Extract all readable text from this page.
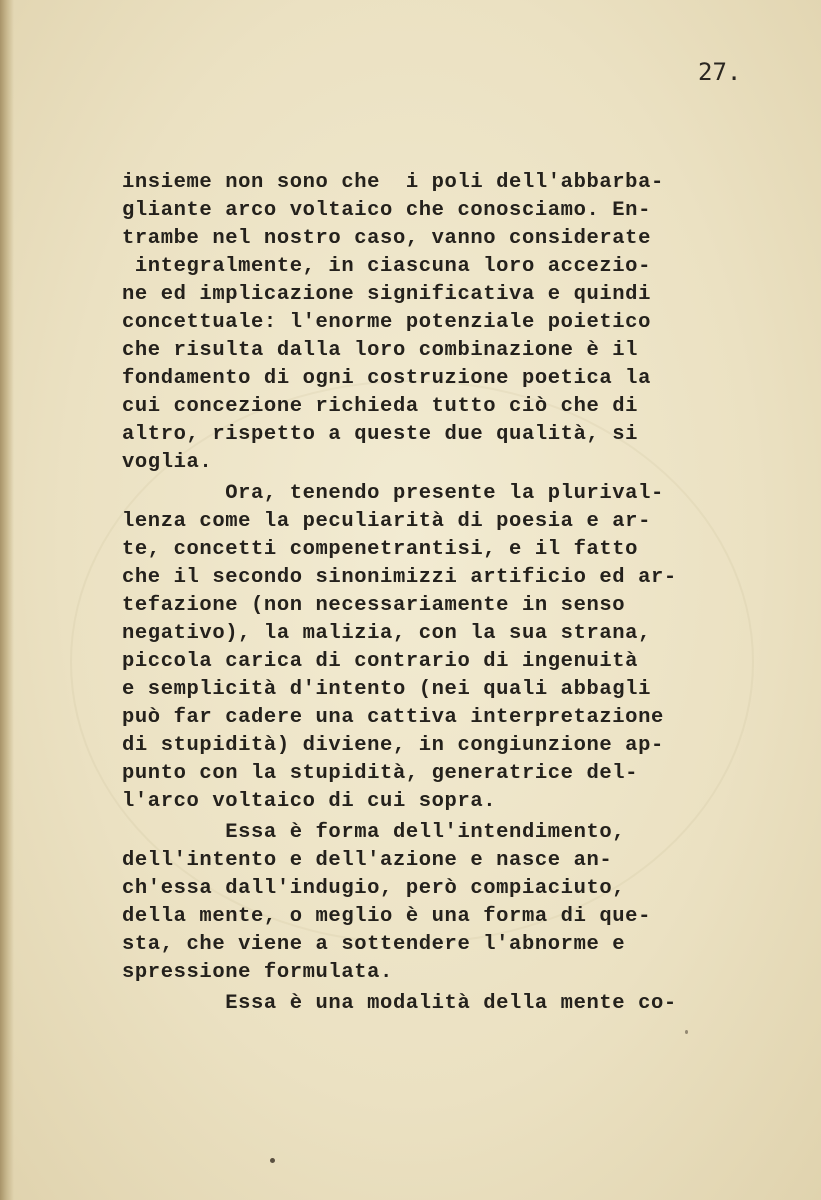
27.
insieme non sono che  i poli dell'abbarba-
gliante arco voltaico che conosciamo. En-
trambe nel nostro caso, vanno considerate
integralmente, in ciascuna loro accezio-
ne ed implicazione significativa e quindi
concettuale: l'enorme potenziale poietico
che risulta dalla loro combinazione è il
fondamento di ogni costruzione poetica la
cui concezione richieda tutto ciò che di
altro, rispetto a queste due qualità, si
voglia.
Ora, tenendo presente la plurival-
lenza come la peculiarità di poesia e ar-
te, concetti compenetrantisi, e il fatto
che il secondo sinonimizzi artificio ed ar-
tefazione (non necessariamente in senso
negativo), la malizia, con la sua strana,
piccola carica di contrario di ingenuità
e semplicità d'intento (nei quali abbagli
può far cadere una cattiva interpretazione
di stupidità) diviene, in congiunzione ap-
punto con la stupidità, generatrice del-
l'arco voltaico di cui sopra.
Essa è forma dell'intendimento,
dell'intento e dell'azione e nasce an-
ch'essa dall'indugio, però compiaciuto,
della mente, o meglio è una forma di que-
sta, che viene a sottendere l'abnorme e
spressione formulata.
Essa è una modalità della mente co-
